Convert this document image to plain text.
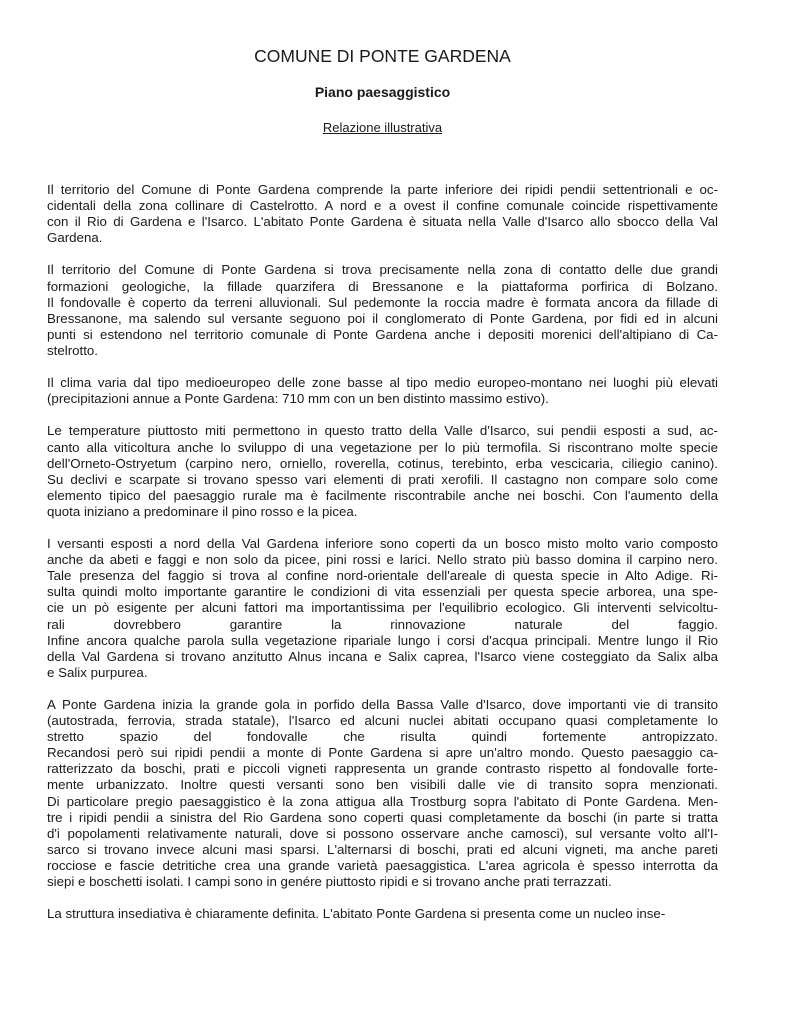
COMUNE DI PONTE GARDENA
Piano paesaggistico
Relazione illustrativa
Il territorio del Comune di Ponte Gardena comprende la parte inferiore dei ripidi pendii settentrionali e oc-
cidentali della zona collinare di Castelrotto. A nord e a ovest il confine comunale coincide rispettivamente
con il Rio di Gardena e l'Isarco. L'abitato Ponte Gardena è situata nella Valle d'Isarco allo sbocco della Val
Gardena.
Il territorio del Comune di Ponte Gardena si trova precisamente nella zona di contatto delle due grandi
formazioni geologiche, la fillade quarzifera di Bressanone e la piattaforma porfirica di Bolzano.
Il fondovalle è coperto da terreni alluvionali. Sul pedemonte la roccia madre è formata ancora da fillade di
Bressanone, ma salendo sul versante seguono poi il conglomerato di Ponte Gardena, por fidi ed in alcuni
punti si estendono nel territorio comunale di Ponte Gardena anche i depositi morenici dell'altipiano di Ca-
stelrotto.
Il clima varia dal tipo medioeuropeo delle zone basse al tipo medio europeo-montano nei luoghi più elevati
(precipitazioni annue a Ponte Gardena: 710 mm con un ben distinto massimo estivo).
Le temperature piuttosto miti permettono in questo tratto della Valle d'Isarco, sui pendii esposti a sud, ac-
canto alla viticoltura anche lo sviluppo di una vegetazione per lo più termofila. Si riscontrano molte specie
dell'Orneto-Ostryetum (carpino nero, orniello, roverella, cotinus, terebinto, erba vescicaria, ciliegio canino).
Su declivi e scarpate si trovano spesso vari elementi di prati xerofili. Il castagno non compare solo come
elemento tipico del paesaggio rurale ma è facilmente riscontrabile anche nei boschi. Con l'aumento della
quota iniziano a predominare il pino rosso e la picea.
I versanti esposti a nord della Val Gardena inferiore sono coperti da un bosco misto molto vario composto
anche da abeti e faggi e non solo da picee, pini rossi e larici. Nello strato più basso domina il carpino nero.
Tale presenza del faggio si trova al confine nord-orientale dell'areale di questa specie in Alto Adige. Ri-
sulta quindi molto importante garantire le condizioni di vita essenziali per questa specie arborea, una spe-
cie un pò esigente per alcuni fattori ma importantissima per l'equilibrio ecologico. Gli interventi selvicoltu-
rali dovrebbero garantire la rinnovazione naturale del faggio.
Infine ancora qualche parola sulla vegetazione ripariale lungo i corsi d'acqua principali. Mentre lungo il Rio
della Val Gardena si trovano anzitutto Alnus incana e Salix caprea, l'Isarco viene costeggiato da Salix alba
e Salix purpurea.
A Ponte Gardena inizia la grande gola in porfido della Bassa Valle d'Isarco, dove importanti vie di transito
(autostrada, ferrovia, strada statale), l'Isarco ed alcuni nuclei abitati occupano quasi completamente lo
stretto spazio del fondovalle che risulta quindi fortemente antropizzato.
Recandosi però sui ripidi pendii a monte di Ponte Gardena si apre un'altro mondo. Questo paesaggio ca-
ratterizzato da boschi, prati e piccoli vigneti rappresenta un grande contrasto rispetto al fondovalle forte-
mente urbanizzato. Inoltre questi versanti sono ben visibili dalle vie di transito sopra menzionati.
Di particolare pregio paesaggistico è la zona attigua alla Trostburg sopra l'abitato di Ponte Gardena. Men-
tre i ripidi pendii a sinistra del Rio Gardena sono coperti quasi completamente da boschi (in parte si tratta
d'i popolamenti relativamente naturali, dove si possono osservare anche camosci), sul versante volto all'I-
sarco si trovano invece alcuni masi sparsi. L'alternarsi di boschi, prati ed alcuni vigneti, ma anche pareti
rocciose e fascie detritiche crea una grande varietà paesaggistica. L'area agricola è spesso interrotta da
siepi e boschetti isolati. I campi sono in genére piuttosto ripidi e si trovano anche prati terrazzati.
La struttura insediativa è chiaramente definita. L'abitato Ponte Gardena si presenta come un nucleo inse-
